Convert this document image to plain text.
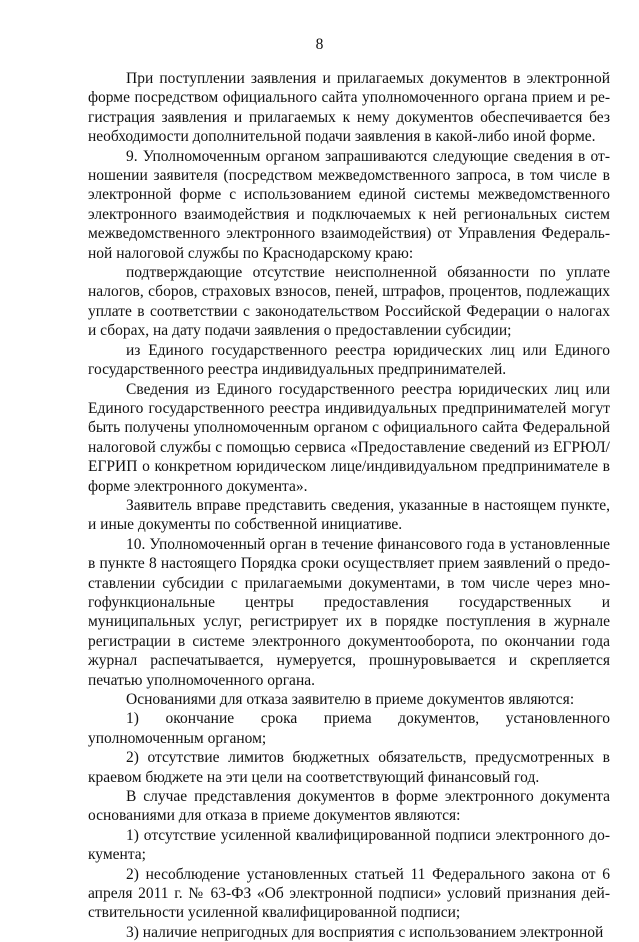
8

При поступлении заявления и прилагаемых документов в электронной форме посредством официального сайта уполномоченного органа прием и регистрация заявления и прилагаемых к нему документов обеспечивается без необходимости дополнительной подачи заявления в какой-либо иной форме.

9. Уполномоченным органом запрашиваются следующие сведения в отношении заявителя (посредством межведомственного запроса, в том числе в электронной форме с использованием единой системы межведомственного электронного взаимодействия и подключаемых к ней региональных систем межведомственного электронного взаимодействия) от Управления Федеральной налоговой службы по Краснодарскому краю:

подтверждающие отсутствие неисполненной обязанности по уплате налогов, сборов, страховых взносов, пеней, штрафов, процентов, подлежащих уплате в соответствии с законодательством Российской Федерации о налогах и сборах, на дату подачи заявления о предоставлении субсидии;

из Единого государственного реестра юридических лиц или Единого государственного реестра индивидуальных предпринимателей.

Сведения из Единого государственного реестра юридических лиц или Единого государственного реестра индивидуальных предпринимателей могут быть получены уполномоченным органом с официального сайта Федеральной налоговой службы с помощью сервиса «Предоставление сведений из ЕГРЮЛ/ЕГРИП о конкретном юридическом лице/индивидуальном предпринимателе в форме электронного документа».

Заявитель вправе представить сведения, указанные в настоящем пункте, и иные документы по собственной инициативе.

10. Уполномоченный орган в течение финансового года в установленные в пункте 8 настоящего Порядка сроки осуществляет прием заявлений о предоставлении субсидии с прилагаемыми документами, в том числе через многофункциональные центры предоставления государственных и муниципальных услуг, регистрирует их в порядке поступления в журнале регистрации в системе электронного документооборота, по окончании года журнал распечатывается, нумеруется, прошнуровывается и скрепляется печатью уполномоченного органа.

Основаниями для отказа заявителю в приеме документов являются:

1) окончание срока приема документов, установленного уполномоченным органом;

2) отсутствие лимитов бюджетных обязательств, предусмотренных в краевом бюджете на эти цели на соответствующий финансовый год.

В случае представления документов в форме электронного документа основаниями для отказа в приеме документов являются:

1) отсутствие усиленной квалифицированной подписи электронного документа;

2) несоблюдение установленных статьей 11 Федерального закона от 6 апреля 2011 г. № 63-ФЗ «Об электронной подписи» условий признания действительности усиленной квалифицированной подписи;

3) наличие непригодных для восприятия с использованием электронной
